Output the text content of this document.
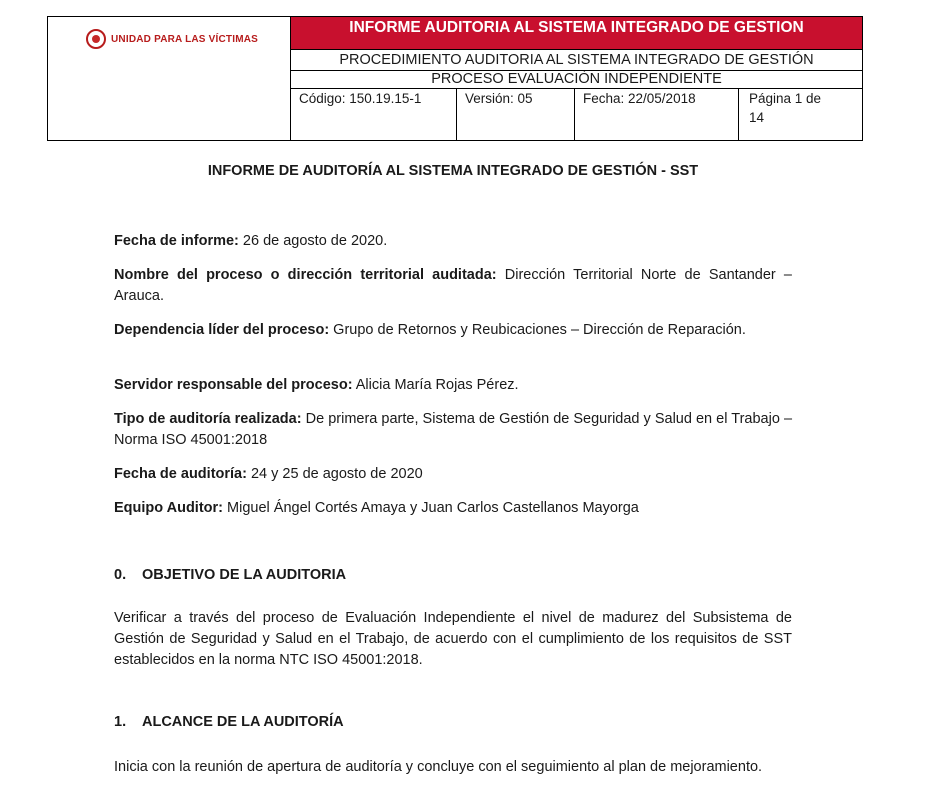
UNIDAD PARA LAS VÍCTIMAS
INFORME AUDITORIA AL SISTEMA INTEGRADO DE GESTION
PROCEDIMIENTO AUDITORIA AL SISTEMA INTEGRADO DE GESTIÓN
PROCESO EVALUACIÒN INDEPENDIENTE
Código: 150.19.15-1	Versión: 05	Fecha: 22/05/2018	Página 1 de
14
INFORME DE AUDITORÍA AL SISTEMA INTEGRADO DE GESTIÓN - SST
Fecha de informe: 26 de agosto de 2020.
Nombre del proceso o dirección territorial auditada: Dirección Territorial Norte de Santander – Arauca.
Dependencia líder del proceso: Grupo de Retornos y Reubicaciones – Dirección de Reparación.
Servidor responsable del proceso: Alicia María Rojas Pérez.
Tipo de auditoría realizada: De primera parte, Sistema de Gestión de Seguridad y Salud en el Trabajo – Norma ISO 45001:2018
Fecha de auditoría: 24 y 25 de agosto de 2020
Equipo Auditor: Miguel Ángel Cortés Amaya y Juan Carlos Castellanos Mayorga
0. OBJETIVO DE LA AUDITORIA
Verificar a través del proceso de Evaluación Independiente el nivel de madurez del Subsistema de Gestión de Seguridad y Salud en el Trabajo, de acuerdo con el cumplimiento de los requisitos de SST establecidos en la norma NTC ISO 45001:2018.
1. ALCANCE DE LA AUDITORÍA
Inicia con la reunión de apertura de auditoría y concluye con el seguimiento al plan de mejoramiento.
